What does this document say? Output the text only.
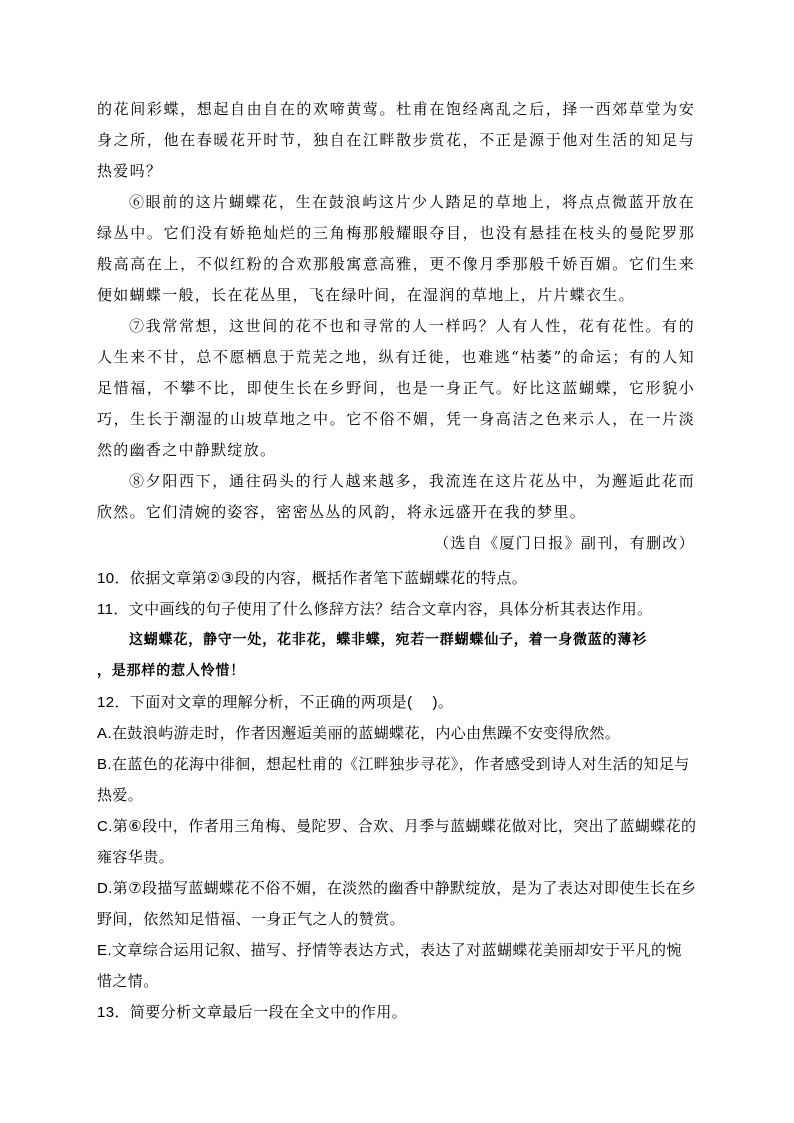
的花间彩蝶，想起自由自在的欢啼黄莺。杜甫在饱经离乱之后，择一西郊草堂为安身之所，他在春暖花开时节，独自在江畔散步赏花，不正是源于他对生活的知足与热爱吗？

⑥眼前的这片蝴蝶花，生在鼓浪屿这片少人踏足的草地上，将点点微蓝开放在绿丛中。它们没有娇艳灿烂的三角梅那般耀眼夺目，也没有悬挂在枝头的曼陀罗那般高高在上，不似红粉的合欢那般寓意高雅，更不像月季那般千娇百媚。它们生来便如蝴蝶一般，长在花丛里，飞在绿叶间，在湿润的草地上，片片蝶衣生。

⑦我常常想，这世间的花不也和寻常的人一样吗？人有人性，花有花性。有的人生来不甘，总不愿栖息于荒芜之地，纵有迁徙，也难逃“枯萎”的命运；有的人知足惜福，不攀不比，即使生长在乡野间，也是一身正气。好比这蓝蝴蝶，它形貌小巧，生长于潮湿的山坡草地之中。它不俗不媚，凭一身高洁之色来示人，在一片淡然的幽香之中静默绽放。

⑧夕阳西下，通往码头的行人越来越多，我流连在这片花丛中，为邂逅此花而欣然。它们清婉的姿容，密密丛丛的风韵，将永远盛开在我的梦里。

（选自《厦门日报》副刊，有删改）

10．依据文章第②③段的内容，概括作者笔下蓝蝴蝶花的特点。

11．文中画线的句子使用了什么修辞方法？结合文章内容，具体分析其表达作用。

这蝴蝶花，静守一处，花非花，蝶非蝶，宛若一群蝴蝶仙子，着一身微蓝的薄衫

，是那样的惹人怜惜！

12．下面对文章的理解分析，不正确的两项是(　 )。

A.在鼓浪屿游走时，作者因邂逅美丽的蓝蝴蝶花，内心由焦躁不安变得欣然。

B.在蓝色的花海中徘徊，想起杜甫的《江畔独步寻花》，作者感受到诗人对生活的知足与热爱。

C.第⑥段中，作者用三角梅、曼陀罗、合欢、月季与蓝蝴蝶花做对比，突出了蓝蝴蝶花的雍容华贵。

D.第⑦段描写蓝蝴蝶花不俗不媚，在淡然的幽香中静默绽放，是为了表达对即使生长在乡野间，依然知足惜福、一身正气之人的赞赏。

E.文章综合运用记叙、描写、抒情等表达方式，表达了对蓝蝴蝶花美丽却安于平凡的惋惜之情。

13．简要分析文章最后一段在全文中的作用。
